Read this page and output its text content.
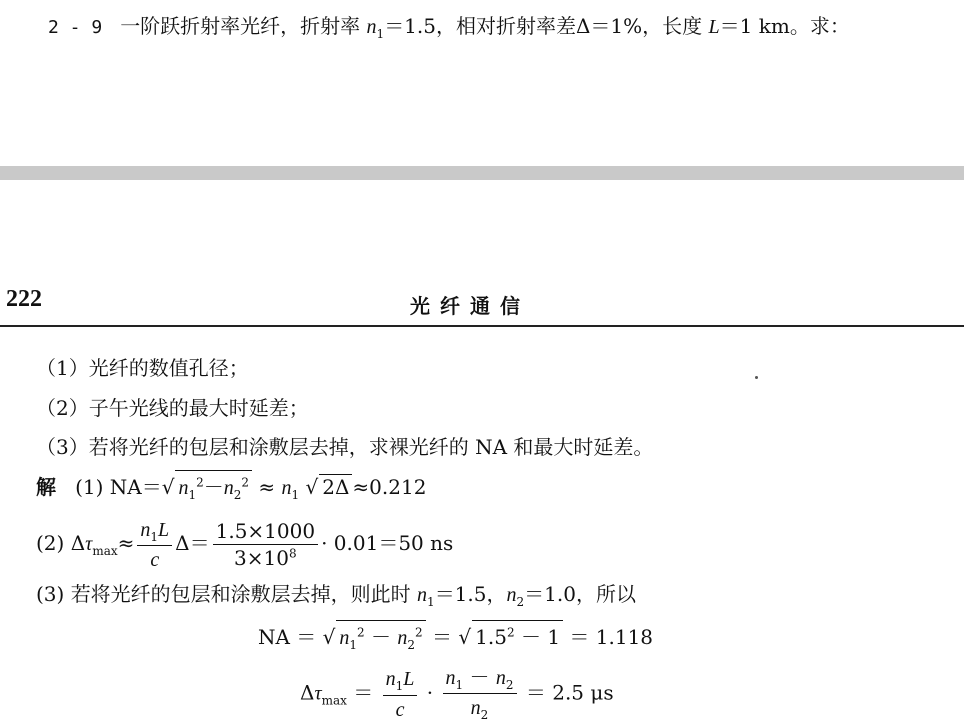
2 - 9 一阶跃折射率光纤，折射率 $n_1=1.5$，相对折射率差Δ＝1%，长度 L＝1 km。求：
222	光纤通信
（1）光纤的数值孔径；
（2）子午光线的最大时延差；
（3）若将光纤的包层和涂敷层去掉，求裸光纤的 NA 和最大时延差。
解   (1) NA＝√ $n_1^2-n_2^2 \approx n_1$ √ 2Δ ≈0.212
(2) $\Delta\tau_{max}\approx \frac{n_1L}{c} \Delta= \frac{1.5\times 1000}{3\times 10^8} \cdot 0.01=50$ ns
(3) 若将光纤的包层和涂敷层去掉，则此时 $n_1=1.5$，$n_2=1.0$，所以
NA ＝ √ $n_1^2 - n_2^2$ ＝ √ $1.5^2 - 1 = 1.118$
$\Delta\tau_{max} = \frac{n_1L}{c} \cdot \frac{n_1 - n_2}{n_2} = 2.5$ μs
